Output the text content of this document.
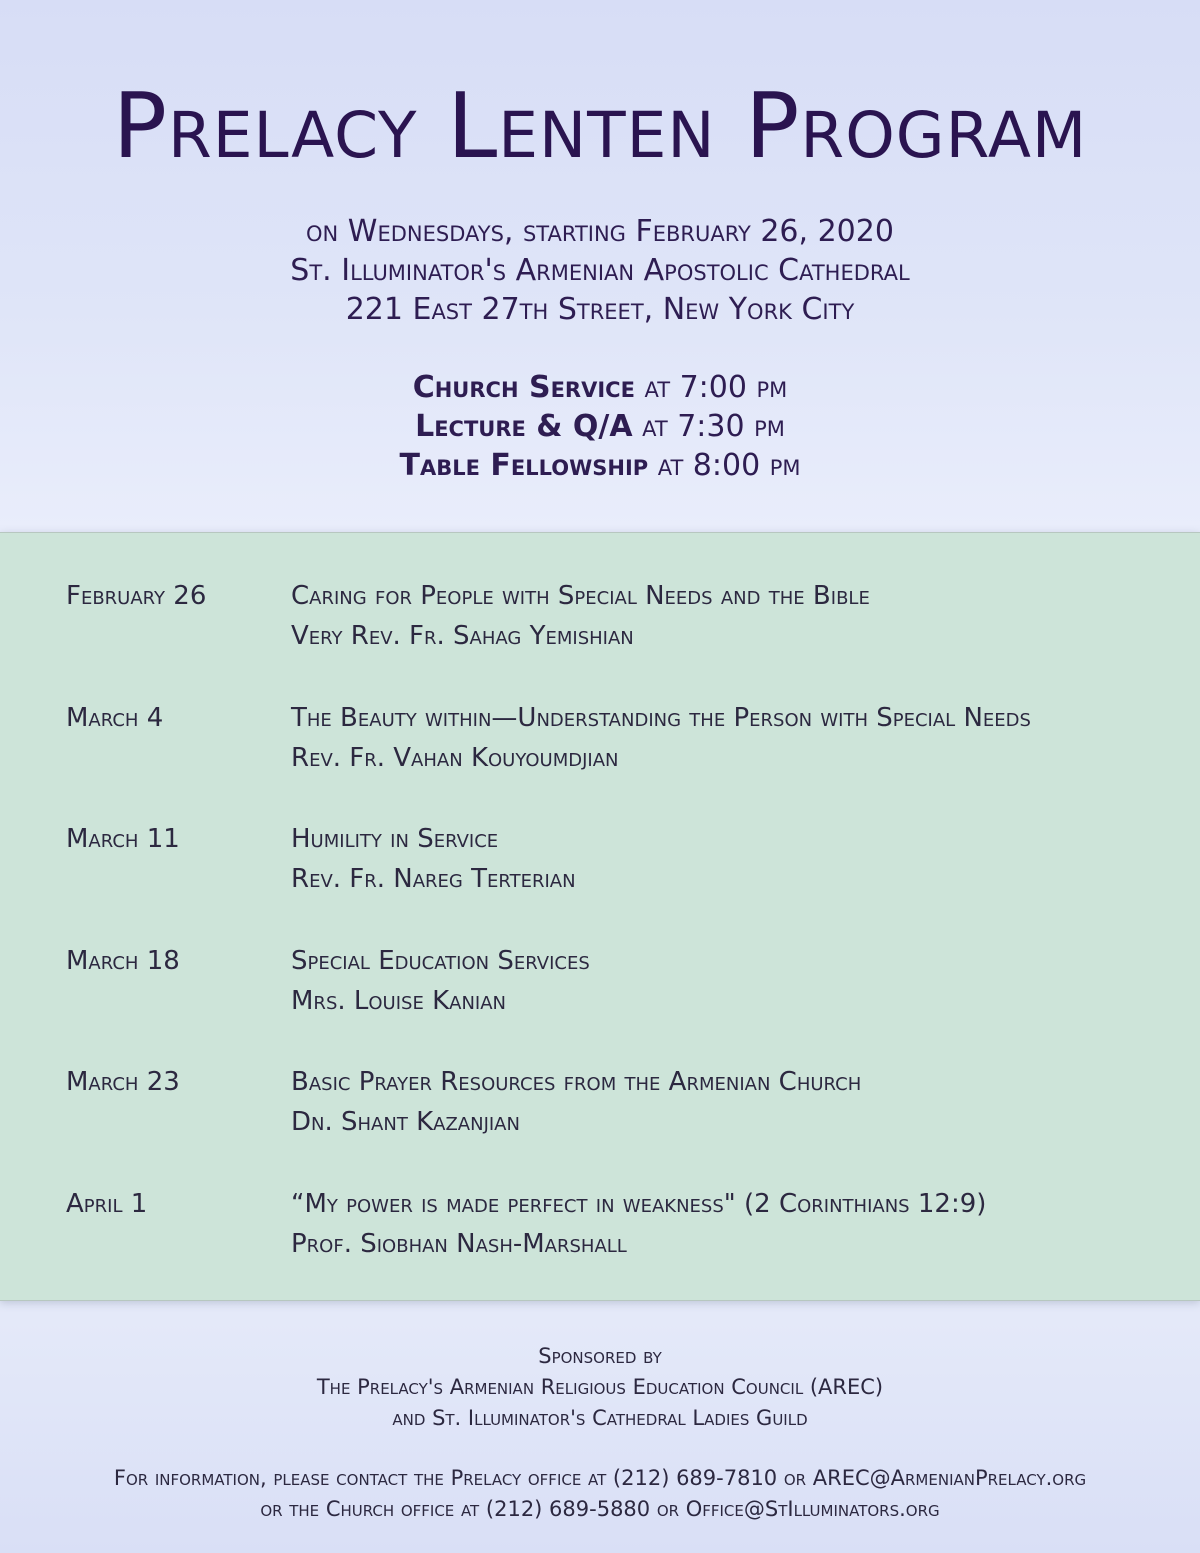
Prelacy Lenten Program
on Wednesdays, starting February 26, 2020
St. Illuminator's Armenian Apostolic Cathedral
221 East 27th Street, New York City
Church Service at 7:00 pm
Lecture & Q/A at 7:30 pm
Table Fellowship at 8:00 pm
February 26	Caring for People with Special Needs and the Bible
Very Rev. Fr. Sahag Yemishian
March 4	The Beauty within—Understanding the Person with Special Needs
Rev. Fr. Vahan Kouyoumdjian
March 11	Humility in Service
Rev. Fr. Nareg Terterian
March 18	Special Education Services
Mrs. Louise Kanian
March 23	Basic Prayer Resources from the Armenian Church
Dn. Shant Kazanjian
April 1	“My power is made perfect in weakness" (2 Corinthians 12:9)
Prof. Siobhan Nash-Marshall
Sponsored by
The Prelacy's Armenian Religious Education Council (AREC)
and St. Illuminator's Cathedral Ladies Guild
For information, please contact the Prelacy office at (212) 689-7810 or AREC@ArmenianPrelacy.org
or the Church office at (212) 689-5880 or Office@StIlluminators.org
